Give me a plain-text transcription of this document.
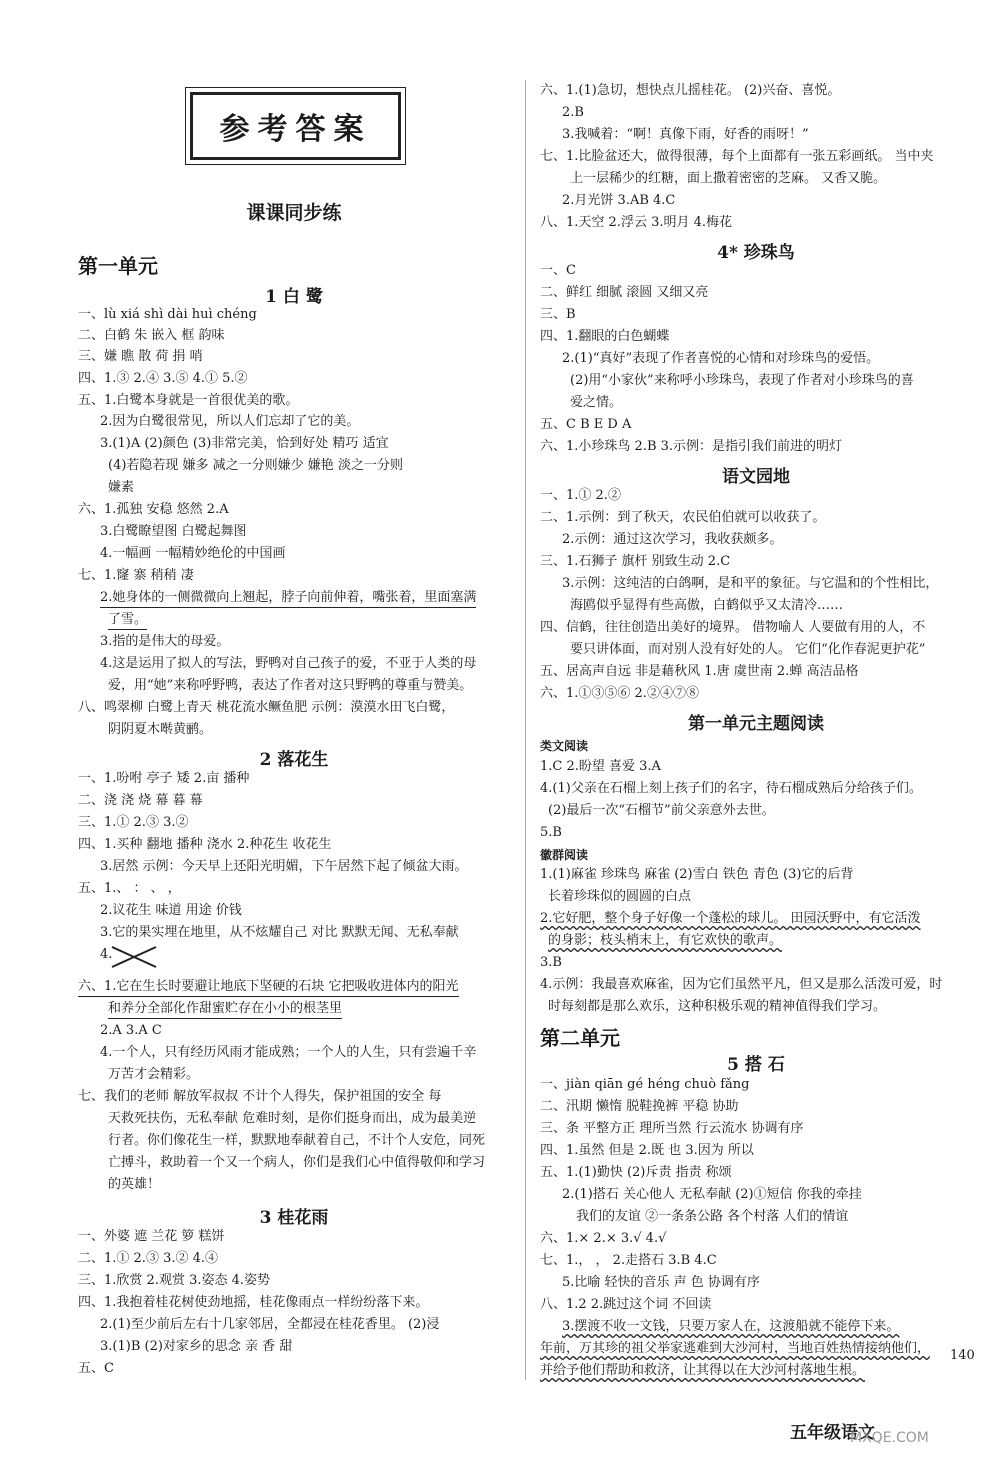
参考答案
课课同步练
第一单元
1 白 鹭
一、lù xiá shì dài huì chéng
二、白鹤 朱 嵌入 框 韵味
三、嫌 瞧 散 荷 捐 哨
四、1.③ 2.④ 3.⑤ 4.① 5.②
五、1.白鹭本身就是一首很优美的歌。
2.因为白鹭很常见，所以人们忘却了它的美。
3.(1)A (2)颜色 (3)非常完美，恰到好处 精巧 适宜
(4)若隐若现 嫌多 减之一分则嫌少 嫌艳 淡之一分则
嫌素
六、1.孤独 安稳 悠然 2.A
3.白鹭瞭望图 白鹭起舞图
4.一幅画 一幅精妙绝伦的中国画
七、1.窿 寨 稍稍 凄
2.她身体的一侧微微向上翘起，脖子向前伸着，嘴张着，里面塞满
了雪。
3.指的是伟大的母爱。
4.这是运用了拟人的写法，野鸭对自己孩子的爱，不亚于人类的母
爱，用“她”来称呼野鸭，表达了作者对这只野鸭的尊重与赞美。
八、鸣翠柳 白鹭上青天 桃花流水鳜鱼肥 示例：漠漠水田飞白鹭，
阴阴夏木啭黄鹂。
2 落花生
一、1.吩咐 亭子 矮 2.亩 播种
二、浇 浇 烧 幕 暮 幕
三、1.① 2.③ 3.②
四、1.买种 翻地 播种 浇水 2.种花生 收花生
3.居然 示例：今天早上还阳光明媚，下午居然下起了倾盆大雨。
五、1.、 ： 、 ，
2.议花生 味道 用途 价钱
3.它的果实埋在地里，从不炫耀自己 对比 默默无闻、无私奉献
4.
六、1.它在生长时要避让地底下坚硬的石块 它把吸收进体内的阳光
和养分全部化作甜蜜贮存在小小的根茎里
2.A 3.A C
4.一个人，只有经历风雨才能成熟；一个人的人生，只有尝遍千辛
万苦才会精彩。
七、我们的老师 解放军叔叔 不计个人得失，保护祖国的安全 每
天救死扶伤，无私奉献 危难时刻，是你们挺身而出，成为最美逆
行者。你们像花生一样，默默地奉献着自己，不计个人安危，同死
亡搏斗，救助着一个又一个病人，你们是我们心中值得敬仰和学习
的英雄！
3 桂花雨
一、外婆 遮 兰花 箩 糕饼
二、1.① 2.③ 3.② 4.④
三、1.欣赏 2.观赏 3.姿态 4.姿势
四、1.我抱着桂花树使劲地摇，桂花像雨点一样纷纷落下来。
2.(1)至少前后左右十几家邻居，全都浸在桂花香里。 (2)浸
3.(1)B (2)对家乡的思念 亲 香 甜
五、C
六、1.(1)急切，想快点儿摇桂花。 (2)兴奋、喜悦。
2.B
3.我喊着：“啊！真像下雨，好香的雨呀！”
七、1.比脸盆还大，做得很薄，每个上面都有一张五彩画纸。 当中夹
上一层稀少的红糖，面上撒着密密的芝麻。 又香又脆。
2.月光饼 3.AB 4.C
八、1.天空 2.浮云 3.明月 4.梅花
4* 珍珠鸟
一、C
二、鲜红 细腻 滚圆 又细又亮
三、B
四、1.翻眼的白色蝴蝶
2.(1)“真好”表现了作者喜悦的心情和对珍珠鸟的爱悟。
(2)用“小家伙”来称呼小珍珠鸟，表现了作者对小珍珠鸟的喜
爱之情。
五、C B E D A
六、1.小珍珠鸟 2.B 3.示例：是指引我们前进的明灯
语文园地
一、1.① 2.②
二、1.示例：到了秋天，农民伯伯就可以收获了。
2.示例：通过这次学习，我收获颇多。
三、1.石狮子 旗杆 别致生动 2.C
3.示例：这纯洁的白鸽啊，是和平的象征。与它温和的个性相比，
海鸥似乎显得有些高傲，白鹤似乎又太清冷……
四、信鹤，往往创造出美好的境界。 借物喻人 人要做有用的人，不
要只讲体面，而对别人没有好处的人。 它们“化作春泥更护花”
五、居高声自远 非是藉秋风 1.唐 虞世南 2.蝉 高洁品格
六、1.①③⑤⑥ 2.②④⑦⑧
第一单元主题阅读
类文阅读
1.C 2.盼望 喜爱 3.A
4.(1)父亲在石榴上刻上孩子们的名字，待石榴成熟后分给孩子们。
(2)最后一次“石榴节”前父亲意外去世。
5.B
徽群阅读
1.(1)麻雀 珍珠鸟 麻雀 (2)雪白 铁色 青色 (3)它的后背
长着珍珠似的圆圆的白点
2.它好肥，整个身子好像一个蓬松的球儿。 田园沃野中，有它活泼
的身影；枝头梢末上，有它欢快的歌声。
3.B
4.示例：我最喜欢麻雀，因为它们虽然平凡，但又是那么活泼可爱，时
时每刻都是那么欢乐，这种积极乐观的精神值得我们学习。
第二单元
5 搭 石
一、jiàn qiān gé héng chuò fǎng
二、汛期 懒惰 脱鞋挽裤 平稳 协助
三、条 平整方正 理所当然 行云流水 协调有序
四、1.虽然 但是 2.既 也 3.因为 所以
五、1.(1)勤快 (2)斥责 指责 称颂
2.(1)搭石 关心他人 无私奉献 (2)①短信 你我的牵挂
我们的友谊 ②一条条公路 各个村落 人们的情谊
六、1.× 2.× 3.√ 4.√
七、1.， ， 2.走搭石 3.B 4.C
5.比喻 轻快的音乐 声 色 协调有序
八、1.2 2.跳过这个词 不回读
3.摆渡不收一文钱，只要万家人在，这渡船就不能停下来。
年前，万其珍的祖父举家逃难到大沙河村，当地百姓热情接纳他们，
并给予他们帮助和救济，让其得以在大沙河村落地生根。
140
五年级语文
MXQE.COM
